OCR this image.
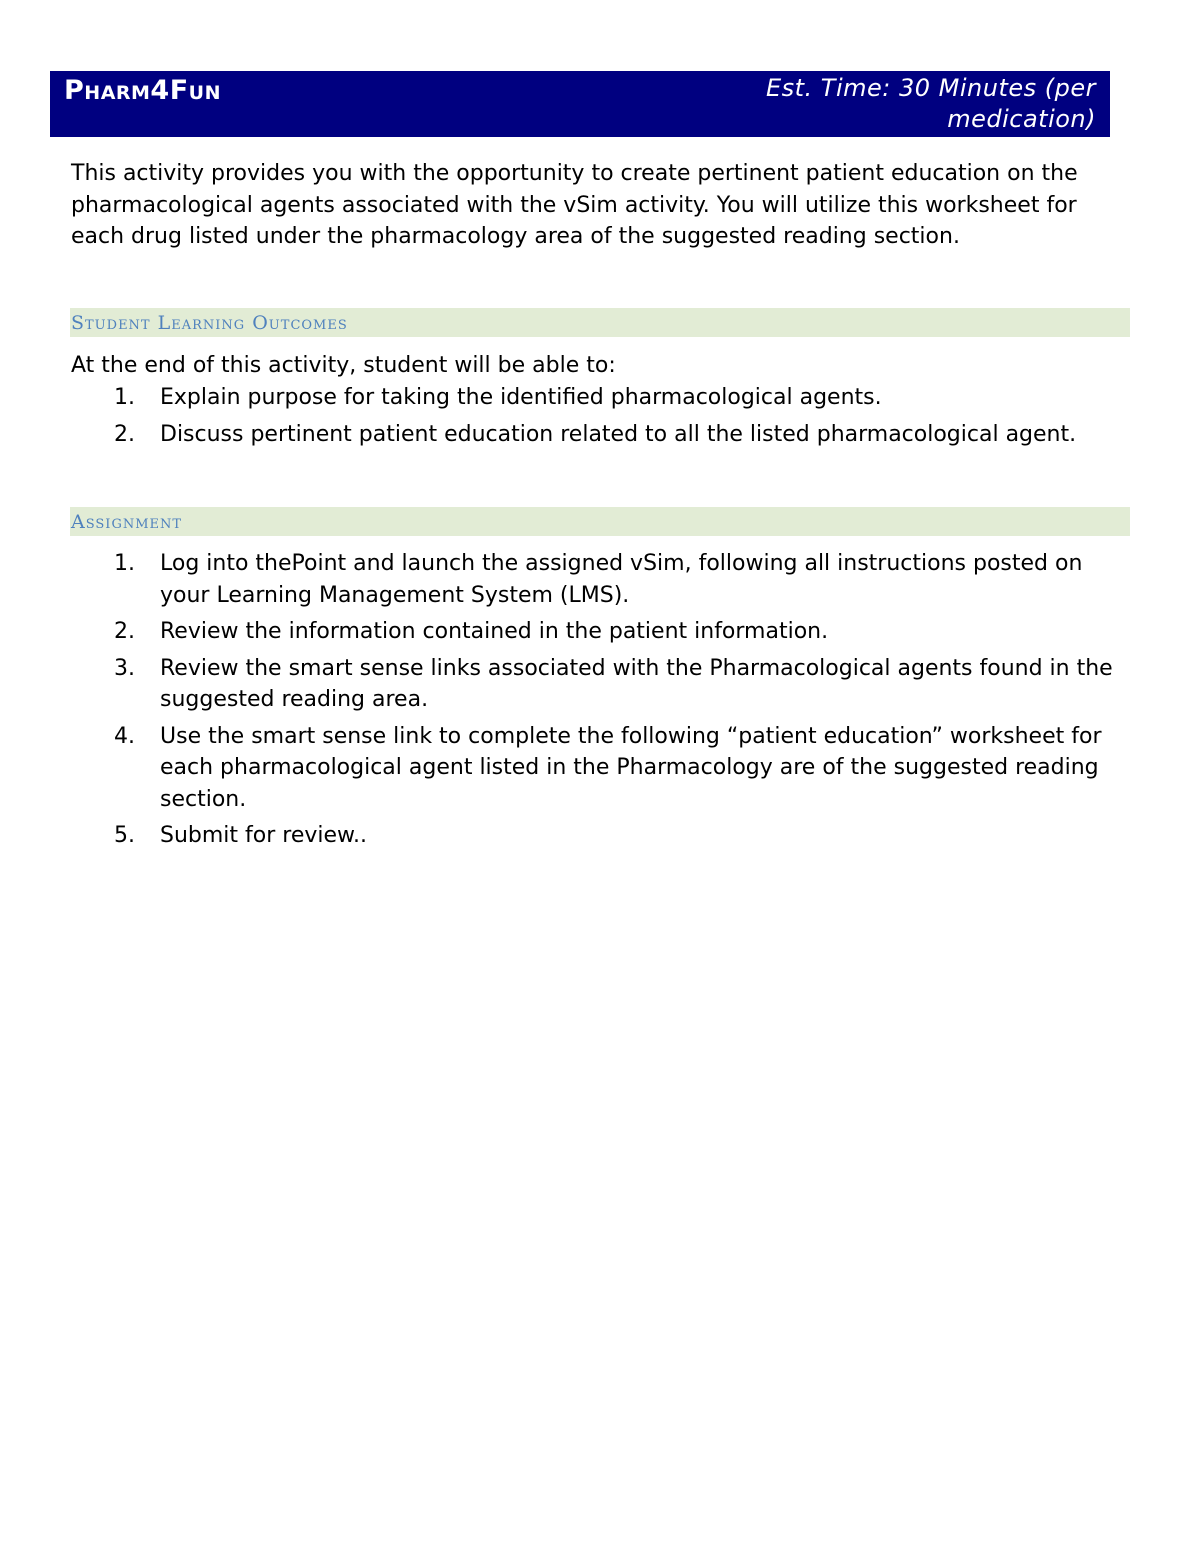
Pharm4Fun	Est. Time: 30 Minutes (per medication)

This activity provides you with the opportunity to create pertinent patient education on the pharmacological agents associated with the vSim activity. You will utilize this worksheet for each drug listed under the pharmacology area of the suggested reading section.

Student Learning Outcomes

At the end of this activity, student will be able to:

1. Explain purpose for taking the identified pharmacological agents.
2. Discuss pertinent patient education related to all the listed pharmacological agent.
Assignment
1. Log into thePoint and launch the assigned vSim, following all instructions posted on your Learning Management System (LMS).
2. Review the information contained in the patient information.
3. Review the smart sense links associated with the Pharmacological agents found in the suggested reading area.
4. Use the smart sense link to complete the following “patient education” worksheet for each pharmacological agent listed in the Pharmacology are of the suggested reading section.
5. Submit for review..
